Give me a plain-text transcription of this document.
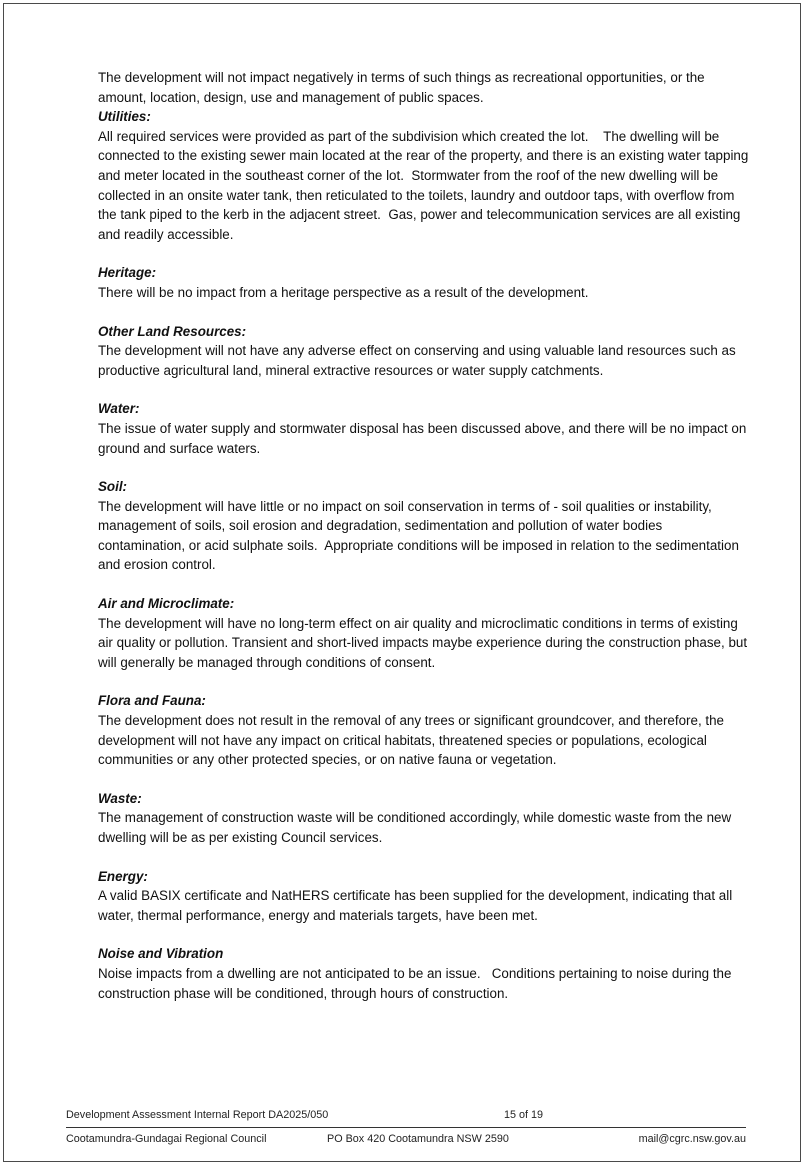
The development will not impact negatively in terms of such things as recreational opportunities, or the amount, location, design, use and management of public spaces.

Utilities:

All required services were provided as part of the subdivision which created the lot.    The dwelling will be connected to the existing sewer main located at the rear of the property, and there is an existing water tapping and meter located in the southeast corner of the lot.  Stormwater from the roof of the new dwelling will be collected in an onsite water tank, then reticulated to the toilets, laundry and outdoor taps, with overflow from the tank piped to the kerb in the adjacent street.  Gas, power and telecommunication services are all existing and readily accessible.

Heritage:

There will be no impact from a heritage perspective as a result of the development.

Other Land Resources:

The development will not have any adverse effect on conserving and using valuable land resources such as productive agricultural land, mineral extractive resources or water supply catchments.

Water:

The issue of water supply and stormwater disposal has been discussed above, and there will be no impact on ground and surface waters.

Soil:

The development will have little or no impact on soil conservation in terms of - soil qualities or instability, management of soils, soil erosion and degradation, sedimentation and pollution of water bodies contamination, or acid sulphate soils.  Appropriate conditions will be imposed in relation to the sedimentation and erosion control.

Air and Microclimate:

The development will have no long-term effect on air quality and microclimatic conditions in terms of existing air quality or pollution. Transient and short-lived impacts maybe experience during the construction phase, but will generally be managed through conditions of consent.

Flora and Fauna:

The development does not result in the removal of any trees or significant groundcover, and therefore, the development will not have any impact on critical habitats, threatened species or populations, ecological communities or any other protected species, or on native fauna or vegetation.

Waste:

The management of construction waste will be conditioned accordingly, while domestic waste from the new dwelling will be as per existing Council services.

Energy:

A valid BASIX certificate and NatHERS certificate has been supplied for the development, indicating that all water, thermal performance, energy and materials targets, have been met.

Noise and Vibration

Noise impacts from a dwelling are not anticipated to be an issue.   Conditions pertaining to noise during the construction phase will be conditioned, through hours of construction.

Development Assessment Internal Report DA2025/050	15 of 19
Cootamundra-Gundagai Regional Council	PO Box 420 Cootamundra NSW 2590	mail@cgrc.nsw.gov.au
